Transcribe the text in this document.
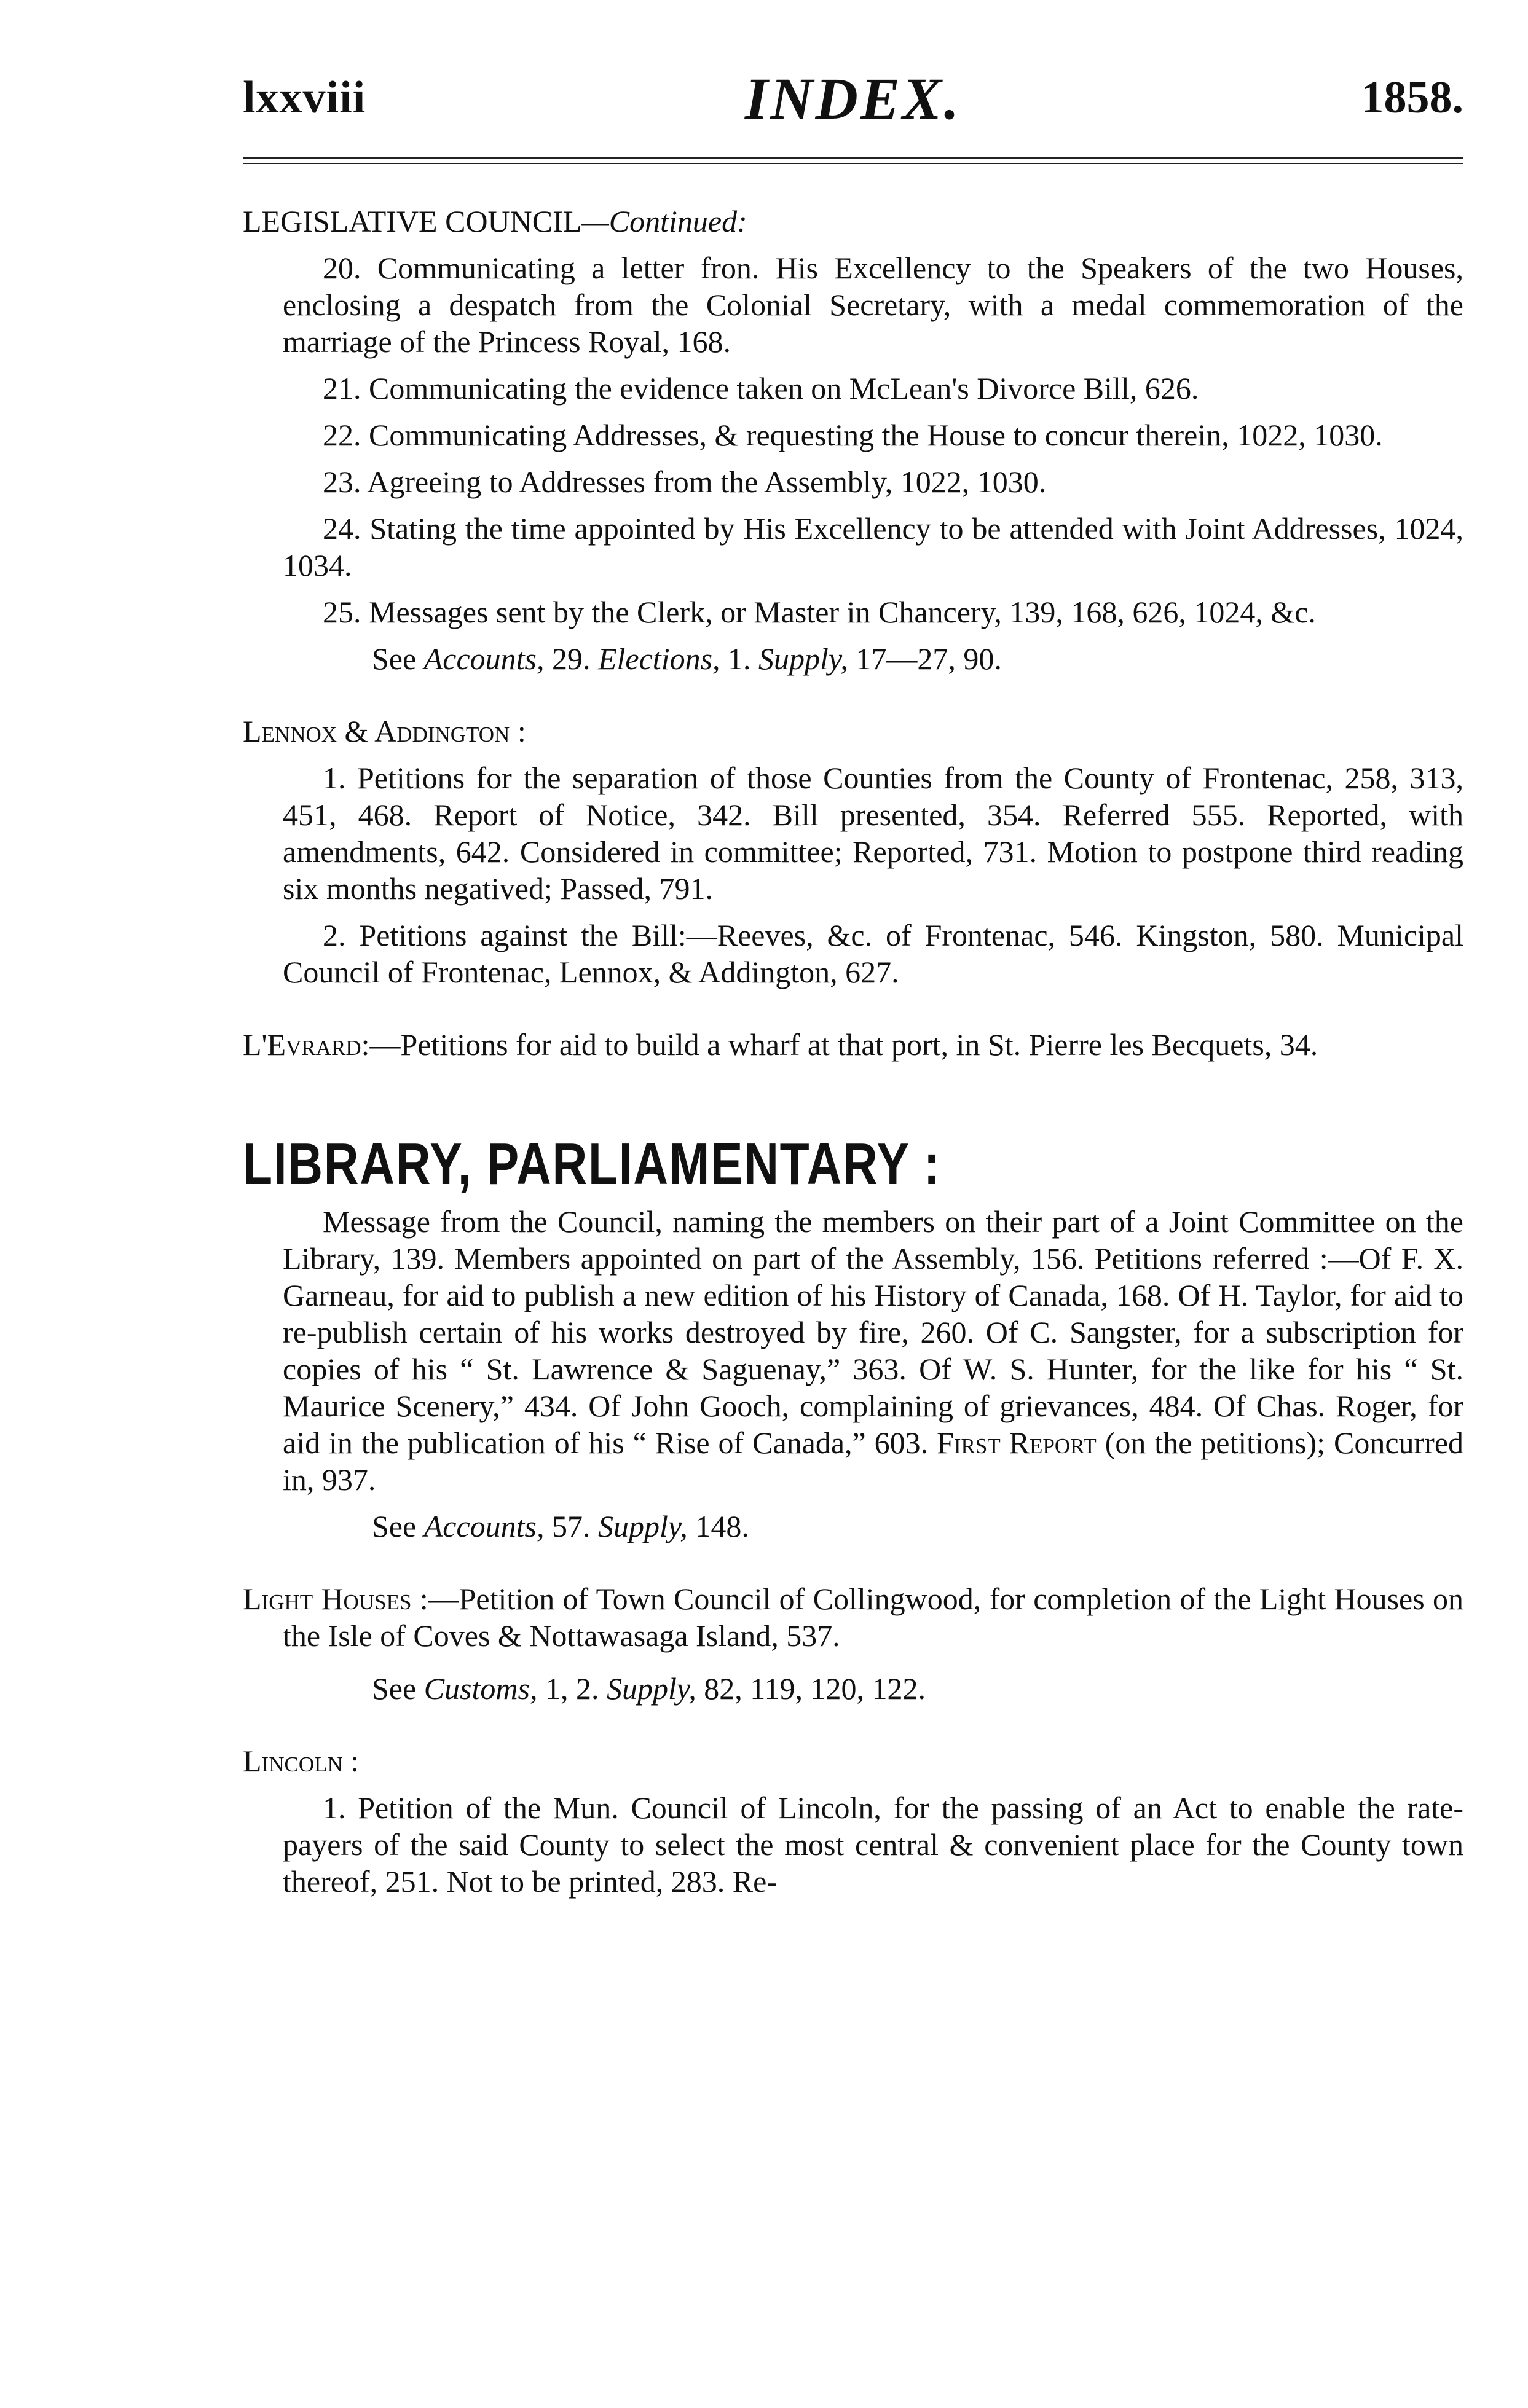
lxxviii	INDEX.	1858.
LEGISLATIVE COUNCIL—Continued:
20. Communicating a letter fron. His Excellency to the Speakers of the two Houses, enclosing a despatch from the Colonial Secretary, with a medal commemoration of the marriage of the Princess Royal, 168.
21. Communicating the evidence taken on McLean's Divorce Bill, 626.
22. Communicating Addresses, & requesting the House to concur therein, 1022, 1030.
23. Agreeing to Addresses from the Assembly, 1022, 1030.
24. Stating the time appointed by His Excellency to be attended with Joint Addresses, 1024, 1034.
25. Messages sent by the Clerk, or Master in Chancery, 139, 168, 626, 1024, &c.
See Accounts, 29. Elections, 1. Supply, 17—27, 90.
Lennox & Addington :
1. Petitions for the separation of those Counties from the County of Frontenac, 258, 313, 451, 468. Report of Notice, 342. Bill presented, 354. Referred 555. Reported, with amendments, 642. Considered in committee; Reported, 731. Motion to postpone third reading six months negatived; Passed, 791.
2. Petitions against the Bill:—Reeves, &c. of Frontenac, 546. Kingston, 580. Municipal Council of Frontenac, Lennox, & Addington, 627.
L'Evrard:—Petitions for aid to build a wharf at that port, in St. Pierre les Becquets, 34.
LIBRARY, PARLIAMENTARY :
Message from the Council, naming the members on their part of a Joint Committee on the Library, 139. Members appointed on part of the Assembly, 156. Petitions referred :—Of F. X. Garneau, for aid to publish a new edition of his History of Canada, 168. Of H. Taylor, for aid to re-publish certain of his works destroyed by fire, 260. Of C. Sangster, for a subscription for copies of his “ St. Lawrence & Saguenay,” 363. Of W. S. Hunter, for the like for his “ St. Maurice Scenery,” 434. Of John Gooch, complaining of grievances, 484. Of Chas. Roger, for aid in the publication of his “ Rise of Canada,” 603. First Report (on the petitions); Concurred in, 937.
See Accounts, 57. Supply, 148.
Light Houses :—Petition of Town Council of Collingwood, for completion of the Light Houses on the Isle of Coves & Nottawasaga Island, 537.
See Customs, 1, 2. Supply, 82, 119, 120, 122.
Lincoln :
1. Petition of the Mun. Council of Lincoln, for the passing of an Act to enable the rate-payers of the said County to select the most central & convenient place for the County town thereof, 251. Not to be printed, 283. Re-
